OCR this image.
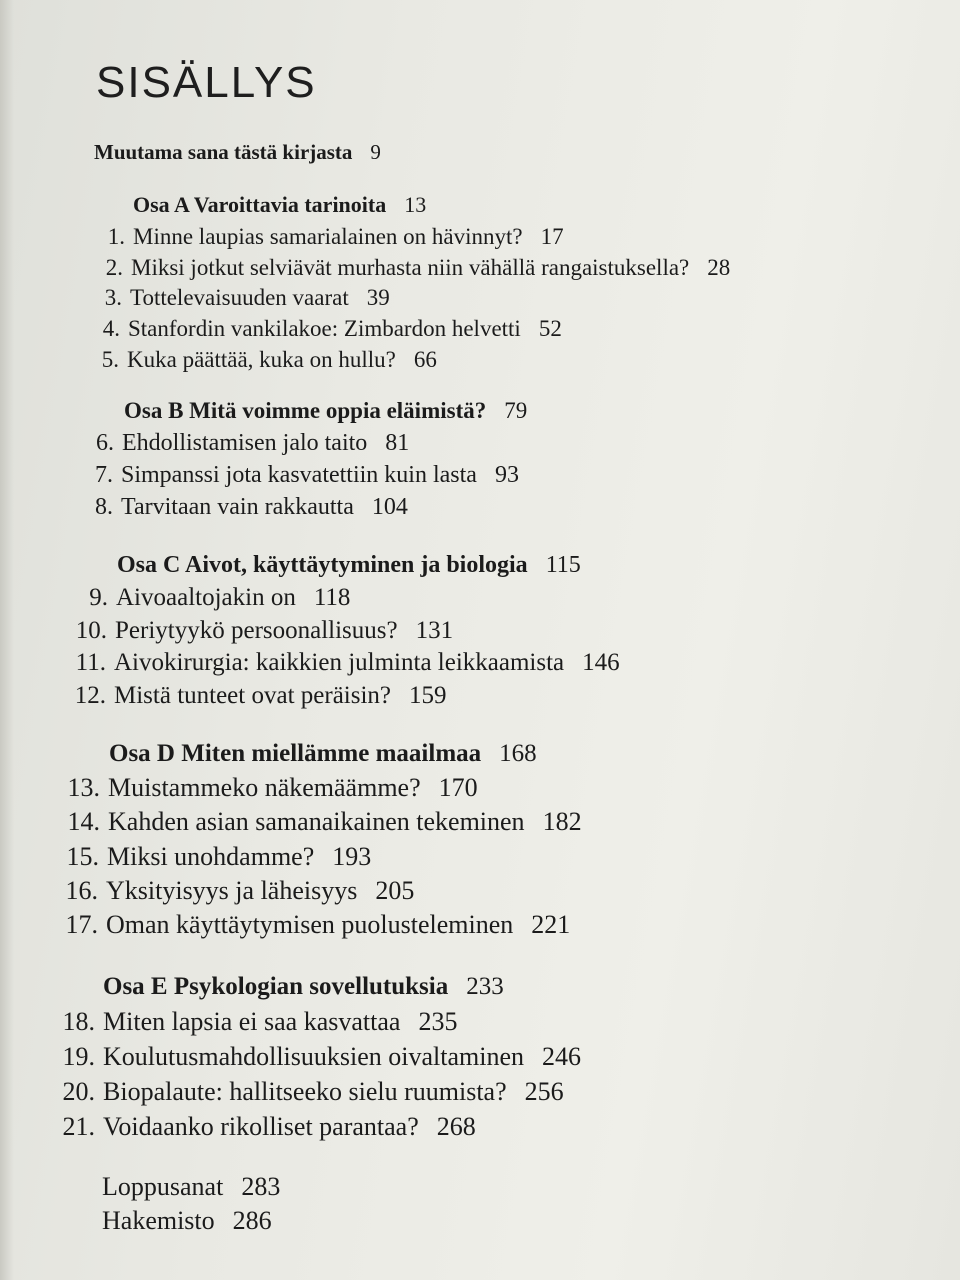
SISÄLLYS
Muutama sana tästä kirjasta 9
Osa A Varoittavia tarinoita 13
1. Minne laupias samarialainen on hävinnyt? 17
2. Miksi jotkut selviävät murhasta niin vähällä rangaistuksella? 28
3. Tottelevaisuuden vaarat 39
4. Stanfordin vankilakoe: Zimbardon helvetti 52
5. Kuka päättää, kuka on hullu? 66
Osa B Mitä voimme oppia eläimistä? 79
6. Ehdollistamisen jalo taito 81
7. Simpanssi jota kasvatettiin kuin lasta 93
8. Tarvitaan vain rakkautta 104
Osa C Aivot, käyttäytyminen ja biologia 115
9. Aivoaaltojakin on 118
10. Periytyykö persoonallisuus? 131
11. Aivokirurgia: kaikkien julminta leikkaamista 146
12. Mistä tunteet ovat peräisin? 159
Osa D Miten miellämme maailmaa 168
13. Muistammeko näkemäämme? 170
14. Kahden asian samanaikainen tekeminen 182
15. Miksi unohdamme? 193
16. Yksityisyys ja läheisyys 205
17. Oman käyttäytymisen puolusteleminen 221
Osa E Psykologian sovellutuksia 233
18. Miten lapsia ei saa kasvattaa 235
19. Koulutusmahdollisuuksien oivaltaminen 246
20. Biopalaute: hallitseeko sielu ruumista? 256
21. Voidaanko rikolliset parantaa? 268
Loppusanat 283
Hakemisto 286
